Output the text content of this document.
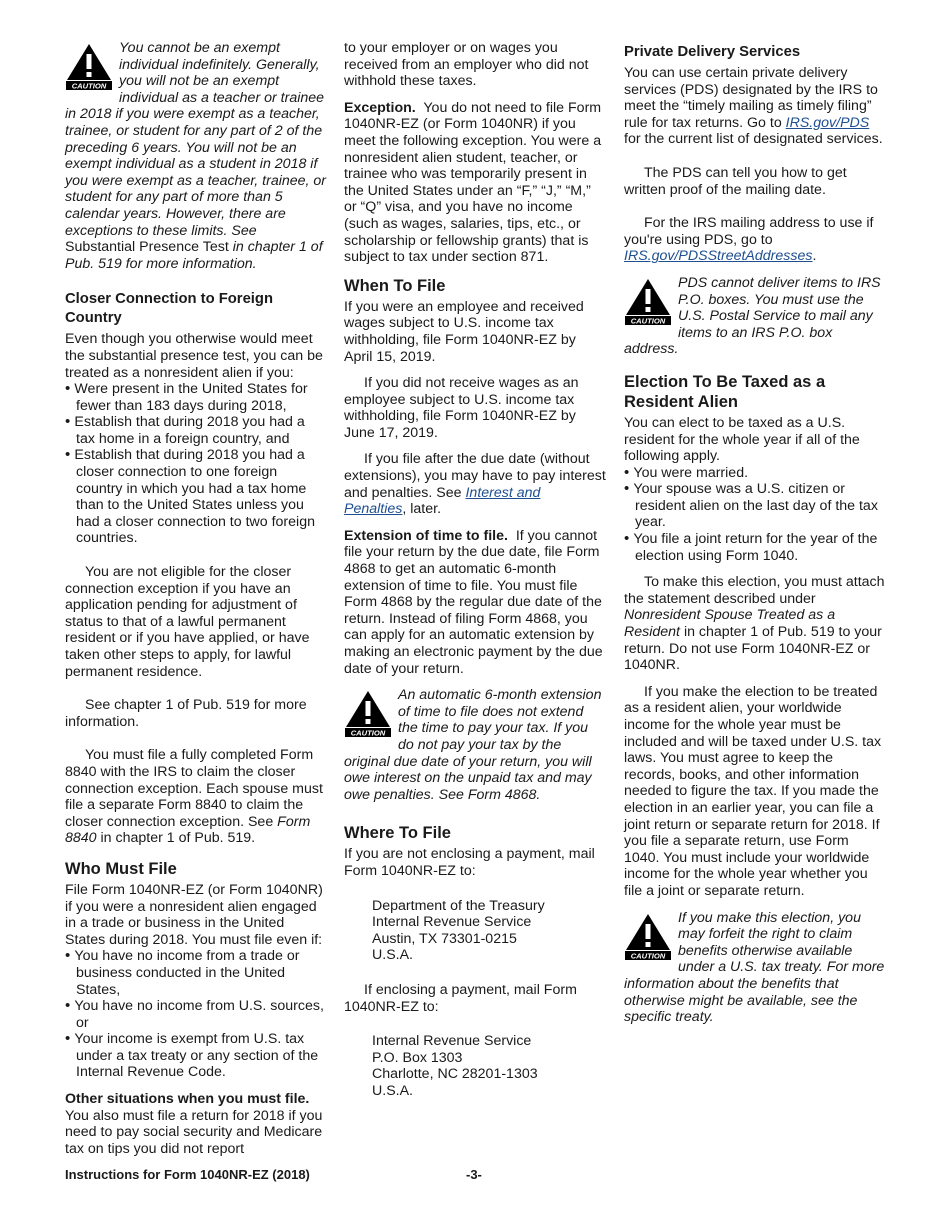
CAUTION
You cannot be an exempt individual indefinitely. Generally, you will not be an exempt individual as a teacher or trainee in 2018 if you were exempt as a teacher, trainee, or student for any part of 2 of the preceding 6 years. You will not be an exempt individual as a student in 2018 if you were exempt as a teacher, trainee, or student for any part of more than 5 calendar years. However, there are exceptions to these limits. See Substantial Presence Test in chapter 1 of Pub. 519 for more information.
Closer Connection to Foreign Country

Even though you otherwise would meet the substantial presence test, you can be treated as a nonresident alien if you:

• Were present in the United States for fewer than 183 days during 2018,
• Establish that during 2018 you had a tax home in a foreign country, and
• Establish that during 2018 you had a closer connection to one foreign country in which you had a tax home than to the United States unless you had a closer connection to two foreign countries.

You are not eligible for the closer connection exception if you have an application pending for adjustment of status to that of a lawful permanent resident or if you have applied, or have taken other steps to apply, for lawful permanent residence.

See chapter 1 of Pub. 519 for more information.

You must file a fully completed Form 8840 with the IRS to claim the closer connection exception. Each spouse must file a separate Form 8840 to claim the closer connection exception. See Form 8840 in chapter 1 of Pub. 519.

Who Must File

File Form 1040NR-EZ (or Form 1040NR) if you were a nonresident alien engaged in a trade or business in the United States during 2018. You must file even if:

• You have no income from a trade or business conducted in the United States,
• You have no income from U.S. sources, or
• Your income is exempt from U.S. tax under a tax treaty or any section of the Internal Revenue Code.

Other situations when you must file. You also must file a return for 2018 if you need to pay social security and Medicare tax on tips you did not report

to your employer or on wages you received from an employer who did not withhold these taxes.

Exception. You do not need to file Form 1040NR-EZ (or Form 1040NR) if you meet the following exception. You were a nonresident alien student, teacher, or trainee who was temporarily present in the United States under an “F,” “J,” “M,” or “Q” visa, and you have no income (such as wages, salaries, tips, etc., or scholarship or fellowship grants) that is subject to tax under section 871.

When To File

If you were an employee and received wages subject to U.S. income tax withholding, file Form 1040NR-EZ by April 15, 2019.

If you did not receive wages as an employee subject to U.S. income tax withholding, file Form 1040NR-EZ by June 17, 2019.

If you file after the due date (without extensions), you may have to pay interest and penalties. See Interest and Penalties, later.

Extension of time to file. If you cannot file your return by the due date, file Form 4868 to get an automatic 6-month extension of time to file. You must file Form 4868 by the regular due date of the return. Instead of filing Form 4868, you can apply for an automatic extension by making an electronic payment by the due date of your return.

CAUTION
An automatic 6-month extension of time to file does not extend the time to pay your tax. If you do not pay your tax by the original due date of your return, you will owe interest on the unpaid tax and may owe penalties. See Form 4868.
Where To File

If you are not enclosing a payment, mail Form 1040NR-EZ to:

Department of the Treasury
Internal Revenue Service
Austin, TX 73301-0215
U.S.A.

If enclosing a payment, mail Form 1040NR-EZ to:

Internal Revenue Service
P.O. Box 1303
Charlotte, NC 28201-1303
U.S.A.
Private Delivery Services

You can use certain private delivery services (PDS) designated by the IRS to meet the “timely mailing as timely filing” rule for tax returns. Go to IRS.gov/PDS for the current list of designated services.

The PDS can tell you how to get written proof of the mailing date.

For the IRS mailing address to use if you're using PDS, go to IRS.gov/PDSStreetAddresses.

CAUTION
PDS cannot deliver items to IRS P.O. boxes. You must use the U.S. Postal Service to mail any items to an IRS P.O. box address.
Election To Be Taxed as a Resident Alien

You can elect to be taxed as a U.S. resident for the whole year if all of the following apply.

• You were married.
• Your spouse was a U.S. citizen or resident alien on the last day of the tax year.
• You file a joint return for the year of the election using Form 1040.

To make this election, you must attach the statement described under Nonresident Spouse Treated as a Resident in chapter 1 of Pub. 519 to your return. Do not use Form 1040NR-EZ or 1040NR.

If you make the election to be treated as a resident alien, your worldwide income for the whole year must be included and will be taxed under U.S. tax laws. You must agree to keep the records, books, and other information needed to figure the tax. If you made the election in an earlier year, you can file a joint return or separate return for 2018. If you file a separate return, use Form 1040. You must include your worldwide income for the whole year whether you file a joint or separate return.

CAUTION
If you make this election, you may forfeit the right to claim benefits otherwise available under a U.S. tax treaty. For more information about the benefits that otherwise might be available, see the specific treaty.
Instructions for Form 1040NR-EZ (2018)	-3-
